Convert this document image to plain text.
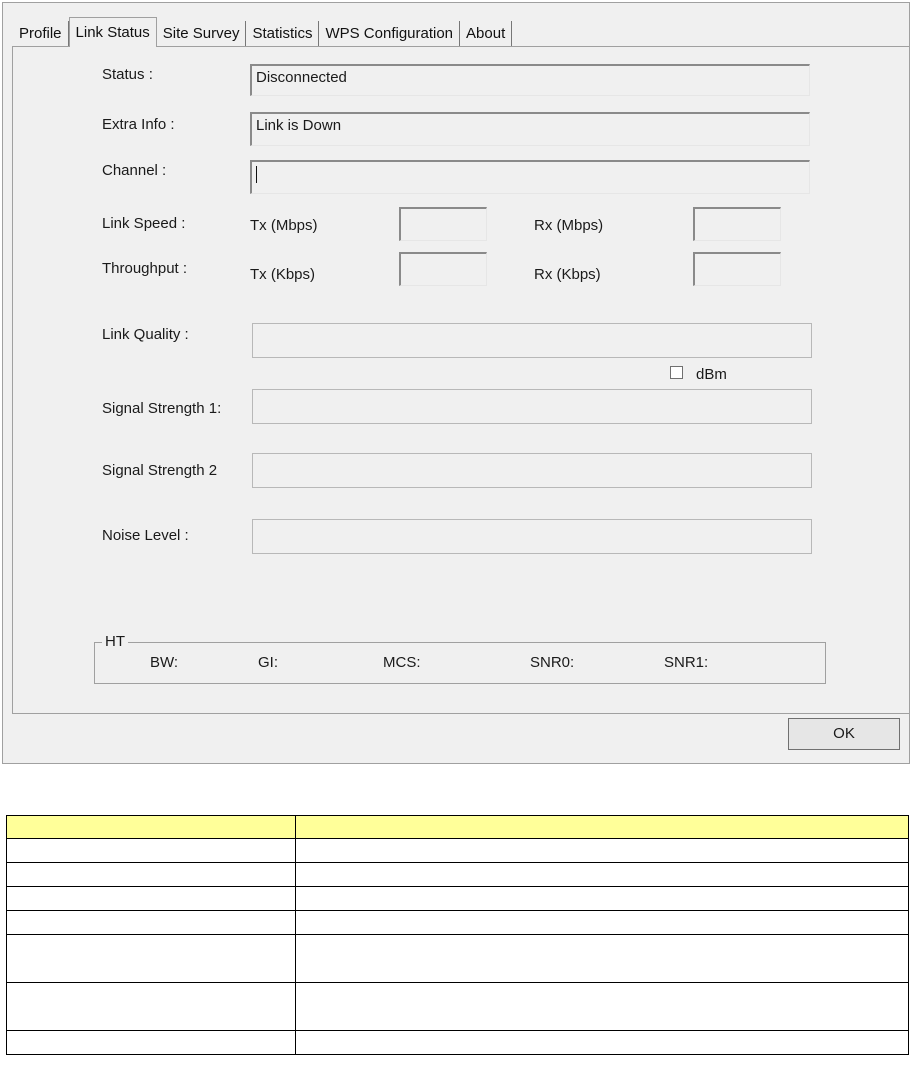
Profile Link Status Site Survey Statistics WPS Configuration About
Status :	Disconnected
Extra Info :	Link is Down
Channel :
Link Speed :	Tx (Mbps)	Rx (Mbps)
Throughput :	Tx (Kbps)	Rx (Kbps)
Link Quality :
dBm
Signal Strength 1:
Signal Strength 2
Noise Level :
HT
BW:	GI:	MCS:	SNR0:	SNR1:
OK
